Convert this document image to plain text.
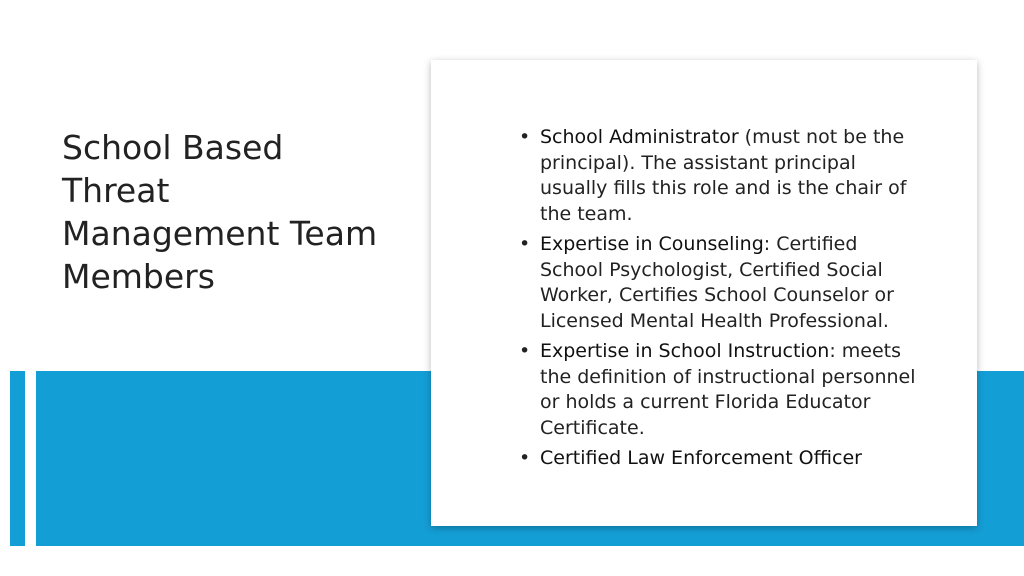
School Based Threat Management Team Members
• School Administrator (must not be the principal). The assistant principal usually fills this role and is the chair of the team.
• Expertise in Counseling: Certified School Psychologist, Certified Social Worker, Certifies School Counselor or Licensed Mental Health Professional.
• Expertise in School Instruction: meets the definition of instructional personnel or holds a current Florida Educator Certificate.
• Certified Law Enforcement Officer
